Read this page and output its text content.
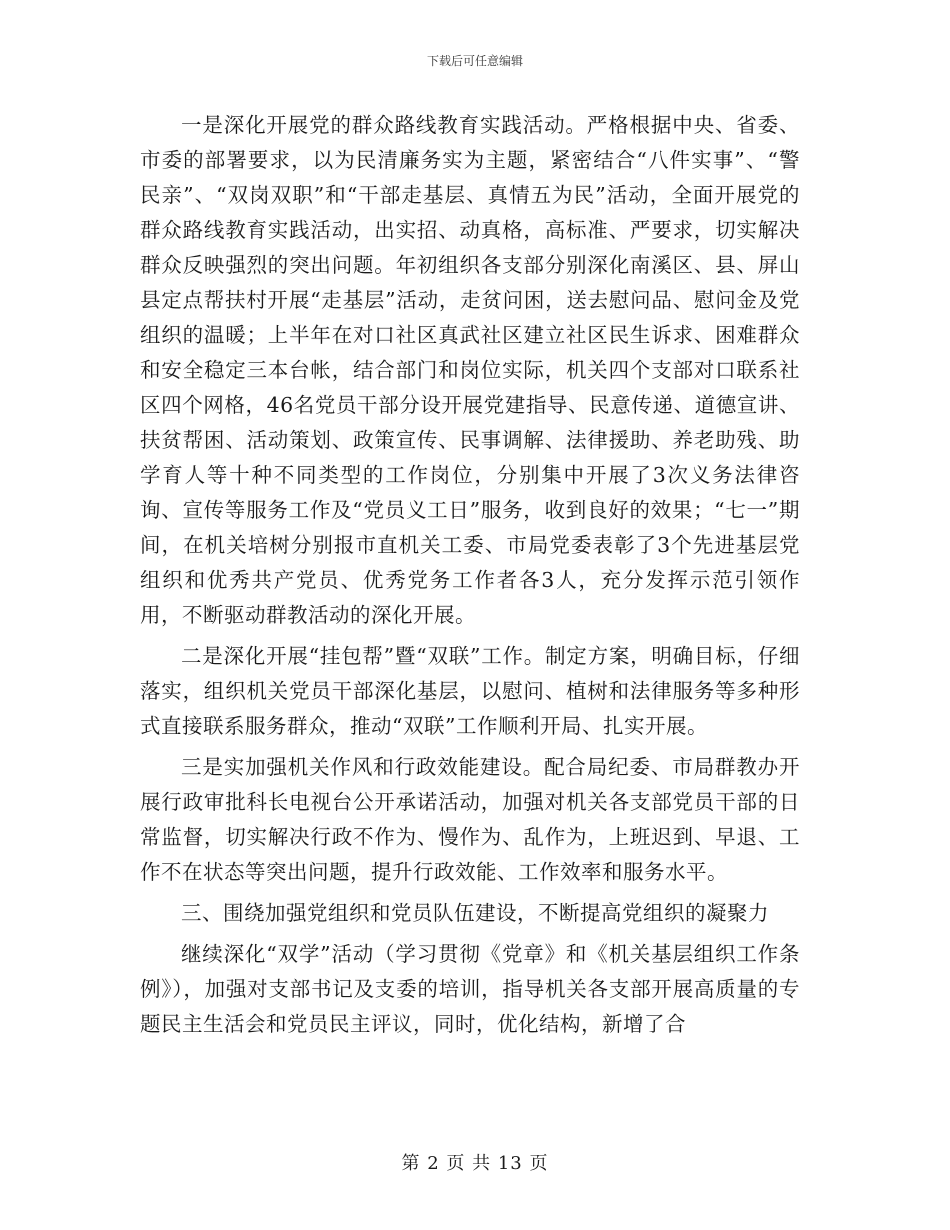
下载后可任意编辑

一是深化开展党的群众路线教育实践活动。严格根据中央、省委、市委的部署要求，以为民清廉务实为主题，紧密结合“八件实事”、“警民亲”、“双岗双职”和“干部走基层、真情五为民”活动，全面开展党的群众路线教育实践活动，出实招、动真格，高标准、严要求，切实解决群众反映强烈的突出问题。年初组织各支部分别深化南溪区、县、屏山县定点帮扶村开展“走基层”活动，走贫问困，送去慰问品、慰问金及党组织的温暖；上半年在对口社区真武社区建立社区民生诉求、困难群众和安全稳定三本台帐，结合部门和岗位实际，机关四个支部对口联系社区四个网格，46名党员干部分设开展党建指导、民意传递、道德宣讲、扶贫帮困、活动策划、政策宣传、民事调解、法律援助、养老助残、助学育人等十种不同类型的工作岗位，分别集中开展了3次义务法律咨询、宣传等服务工作及“党员义工日”服务，收到良好的效果；“七一”期间，在机关培树分别报市直机关工委、市局党委表彰了3个先进基层党组织和优秀共产党员、优秀党务工作者各3人，充分发挥示范引领作用，不断驱动群教活动的深化开展。

二是深化开展“挂包帮”暨“双联”工作。制定方案，明确目标，仔细落实，组织机关党员干部深化基层，以慰问、植树和法律服务等多种形式直接联系服务群众，推动“双联”工作顺利开局、扎实开展。

三是实加强机关作风和行政效能建设。配合局纪委、市局群教办开展行政审批科长电视台公开承诺活动，加强对机关各支部党员干部的日常监督，切实解决行政不作为、慢作为、乱作为，上班迟到、早退、工作不在状态等突出问题，提升行政效能、工作效率和服务水平。

三、围绕加强党组织和党员队伍建设，不断提高党组织的凝聚力

继续深化“双学”活动（学习贯彻《党章》和《机关基层组织工作条例》），加强对支部书记及支委的培训，指导机关各支部开展高质量的专题民主生活会和党员民主评议，同时，优化结构，新增了合

第 2 页 共 13 页
